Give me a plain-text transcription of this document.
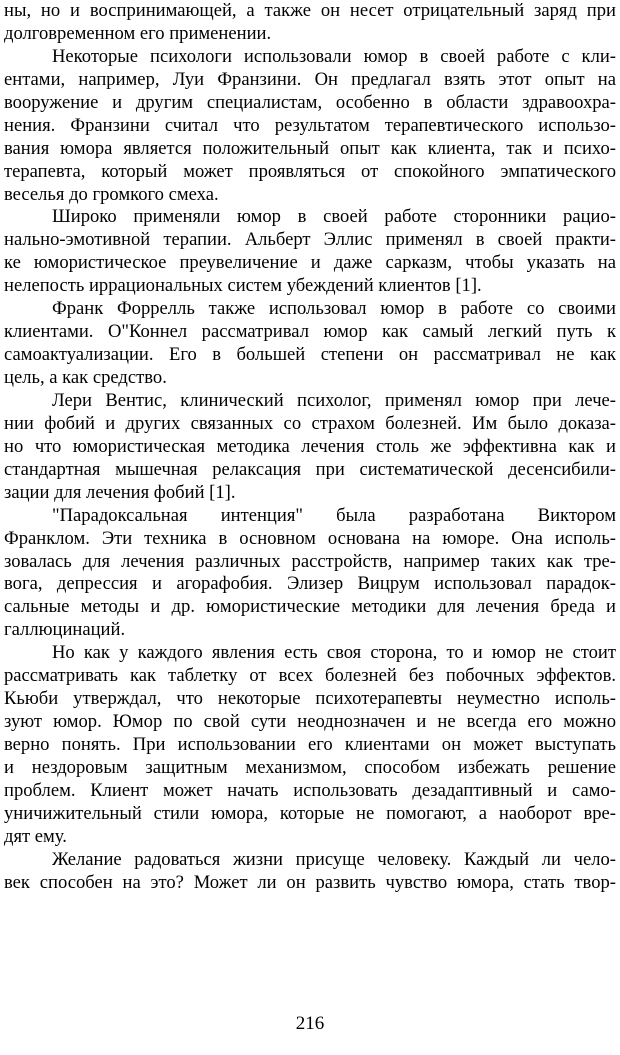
ны, но и воспринимающей, а также он несет отрицательный заряд при
долговременном его применении.
Некоторые психологи использовали юмор в своей работе с кли-
ентами, например, Луи Франзини. Он предлагал взять этот опыт на
вооружение и другим специалистам, особенно в области здравоохра-
нения. Франзини считал что результатом терапевтического использо-
вания юмора является положительный опыт как клиента, так и психо-
терапевта, который может проявляться от спокойного эмпатического
веселья до громкого смеха.
Широко применяли юмор в своей работе сторонники рацио-
нально-эмотивной терапии. Альберт Эллис применял в своей практи-
ке юмористическое преувеличение и даже сарказм, чтобы указать на
нелепость иррациональных систем убеждений клиентов [1].
Франк Форрелль также использовал юмор в работе со своими
клиентами. О"Коннел рассматривал юмор как самый легкий путь к
самоактуализации. Его в большей степени он рассматривал не как
цель, а как средство.
Лери Вентис, клинический психолог, применял юмор при лече-
нии фобий и других связанных со страхом болезней. Им было доказа-
но что юмористическая методика лечения столь же эффективна как и
стандартная мышечная релаксация при систематической десенсибили-
зации для лечения фобий [1].
"Парадоксальная интенция" была разработана Виктором
Франклом. Эти техника в основном основана на юморе. Она исполь-
зовалась для лечения различных расстройств, например таких как тре-
вога, депрессия и агорафобия. Элизер Вицрум использовал парадок-
сальные методы и др. юмористические методики для лечения бреда и
галлюцинаций.
Но как у каждого явления есть своя сторона, то и юмор не стоит
рассматривать как таблетку от всех болезней без побочных эффектов.
Кьюби утверждал, что некоторые психотерапевты неуместно исполь-
зуют юмор. Юмор по свой сути неоднозначен и не всегда его можно
верно понять. При использовании его клиентами он может выступать
и нездоровым защитным механизмом, способом избежать решение
проблем. Клиент может начать использовать дезадаптивный и само-
уничижительный стили юмора, которые не помогают, а наоборот вре-
дят ему.
Желание радоваться жизни присуще человеку. Каждый ли чело-
век способен на это? Может ли он развить чувство юмора, стать твор-
216
